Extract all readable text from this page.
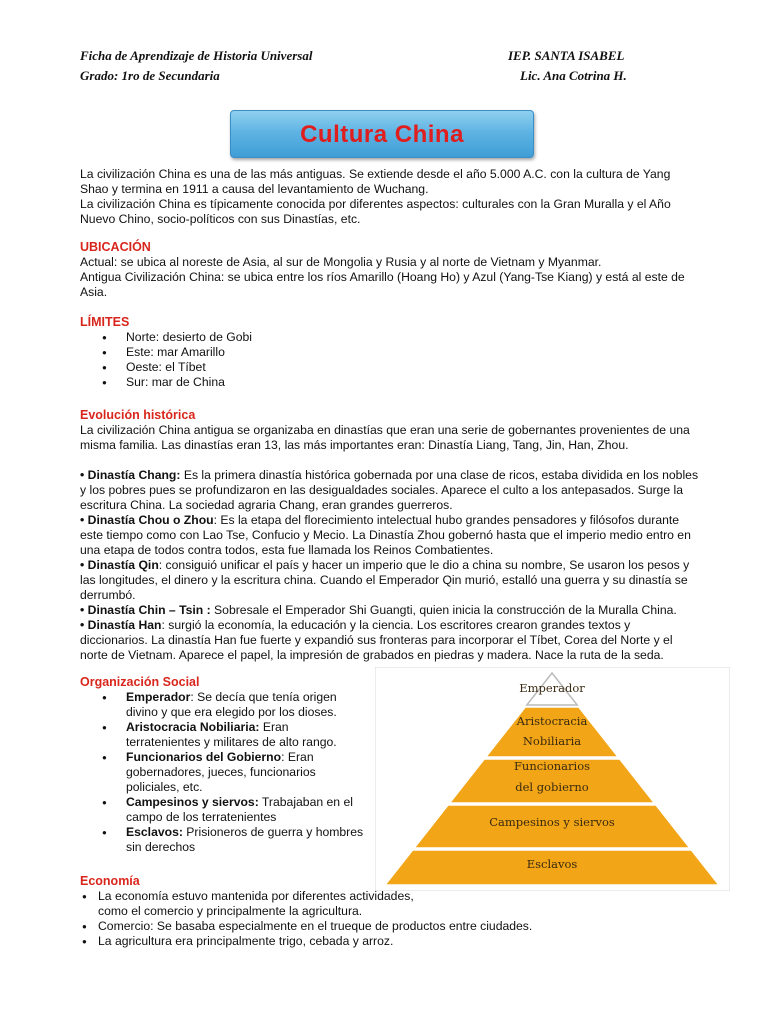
Ficha de Aprendizaje de Historia Universal
Grado: 1ro de Secundaria
IEP. SANTA ISABEL
Lic. Ana Cotrina H.
Cultura China

La civilización China es una de las más antiguas. Se extiende desde el año 5.000 A.C. con la cultura de Yang Shao y termina en 1911 a causa del levantamiento de Wuchang.

La civilización China es típicamente conocida por diferentes aspectos: culturales con la Gran Muralla y el Año Nuevo Chino, socio-políticos con sus Dinastías, etc.

UBICACIÓN

Actual: se ubica al noreste de Asia, al sur de Mongolia y Rusia y al norte de Vietnam y Myanmar.

Antigua Civilización China: se ubica entre los ríos Amarillo (Hoang Ho) y Azul (Yang-Tse Kiang) y está al este de Asia.

LÍMITES

● Norte: desierto de Gobi
● Este: mar Amarillo
● Oeste: el Tíbet
● Sur: mar de China

Evolución histórica

La civilización China antigua se organizaba en dinastías que eran una serie de gobernantes provenientes de una misma familia. Las dinastías eran 13, las más importantes eran: Dinastía Liang, Tang, Jin, Han, Zhou.

• Dinastía Chang: Es la primera dinastía histórica gobernada por una clase de ricos, estaba dividida en los nobles y los pobres pues se profundizaron en las desigualdades sociales. Aparece el culto a los antepasados. Surge la escritura China. La sociedad agraria Chang, eran grandes guerreros.

• Dinastía Chou o Zhou: Es la etapa del florecimiento intelectual hubo grandes pensadores y filósofos durante este tiempo como con Lao Tse, Confucio y Mecio. La Dinastía Zhou gobernó hasta que el imperio medio entro en una etapa de todos contra todos, esta fue llamada los Reinos Combatientes.

• Dinastía Qin: consiguió unificar el país y hacer un imperio que le dio a china su nombre, Se usaron los pesos y las longitudes, el dinero y la escritura china. Cuando el Emperador Qin murió, estalló una guerra y su dinastía se derrumbó.

• Dinastía Chin – Tsin : Sobresale el Emperador Shi Guangti, quien inicia la construcción de la Muralla China.

• Dinastía Han: surgió la economía, la educación y la ciencia. Los escritores crearon grandes textos y diccionarios. La dinastía Han fue fuerte y expandió sus fronteras para incorporar el Tíbet, Corea del Norte y el norte de Vietnam. Aparece el papel, la impresión de grabados en piedras y madera. Nace la ruta de la seda.

Organización Social

● Emperador: Se decía que tenía origen divino y que era elegido por los dioses.
● Aristocracia Nobiliaria: Eran terratenientes y militares de alto rango.
● Funcionarios del Gobierno: Eran gobernadores, jueces, funcionarios policiales, etc.
● Campesinos y siervos: Trabajaban en el campo de los terratenientes
● Esclavos: Prisioneros de guerra y hombres sin derechos
Emperador
Aristocracia
Nobiliaria
Funcionarios
del gobierno
Campesinos y siervos
Esclavos

Economía

● La economía estuvo mantenida por diferentes actividades, como el comercio y principalmente la agricultura.
● Comercio: Se basaba especialmente en el trueque de productos entre ciudades.
● La agricultura era principalmente trigo, cebada y arroz.
